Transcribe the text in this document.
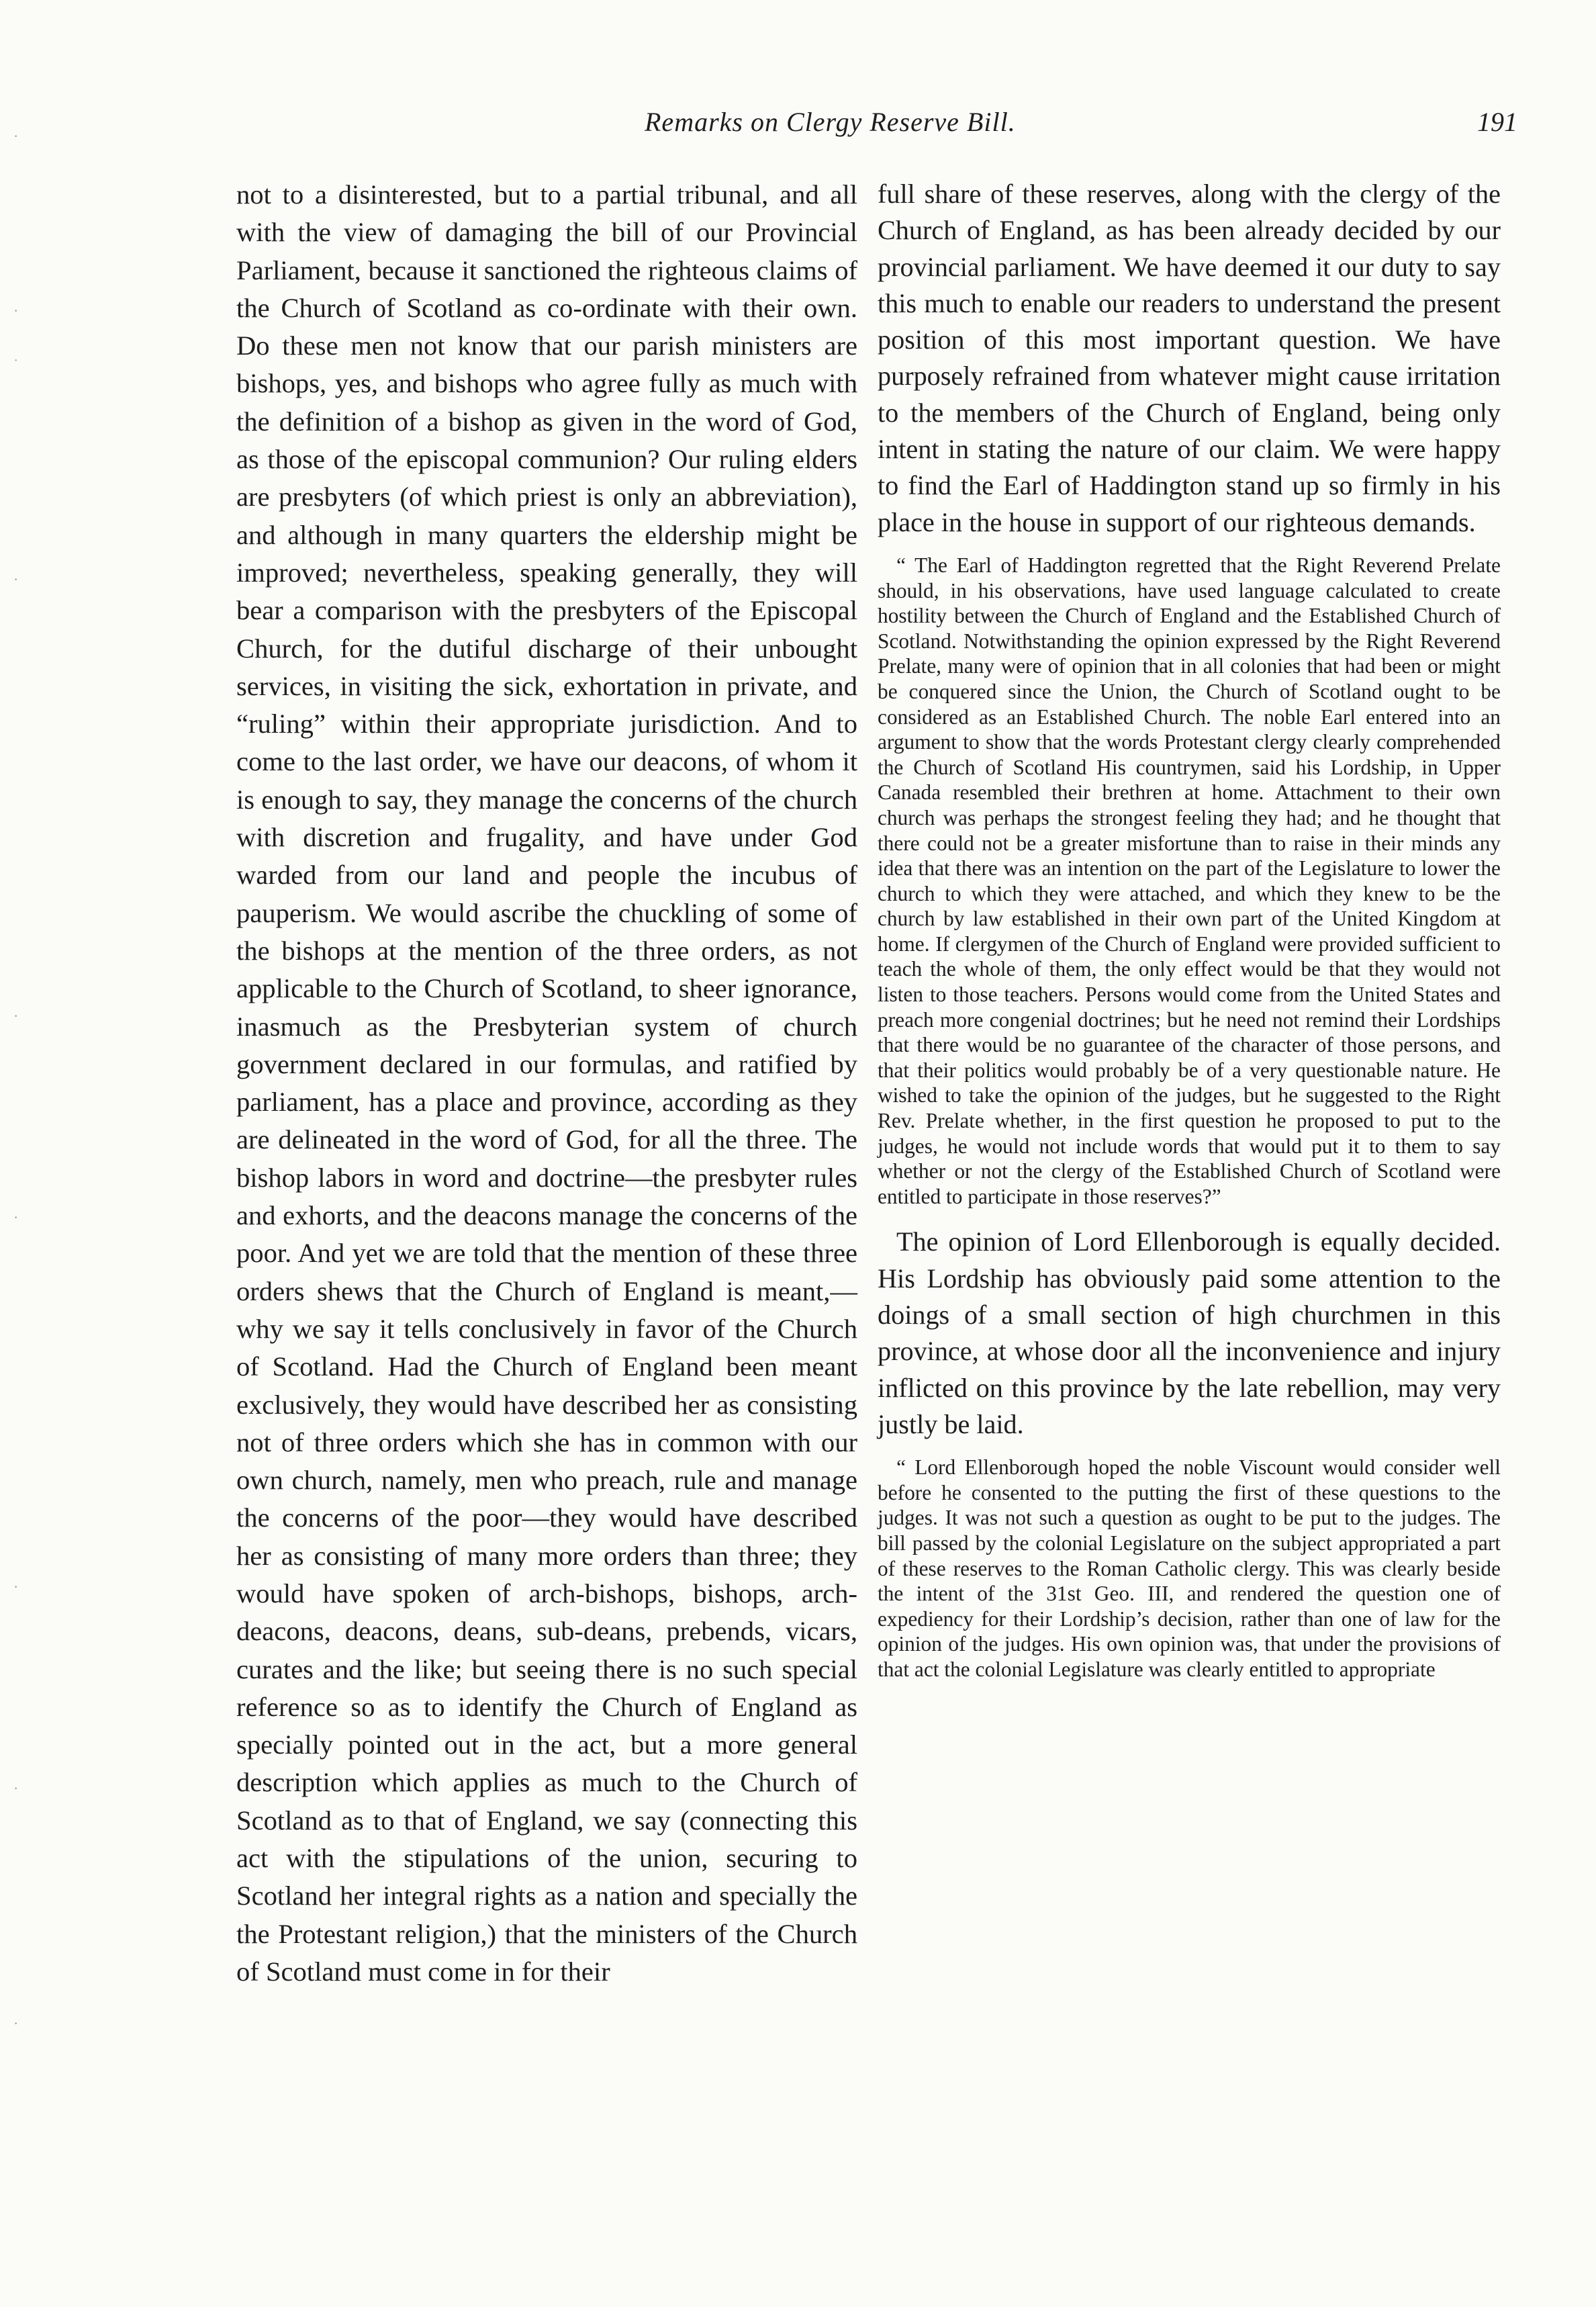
·
·
˙
·
·
·
·
·
·
Remarks on Clergy Reserve Bill.	191

not to a disinterested, but to a partial tribunal, and all with the view of damaging the bill of our Provincial Parliament, because it sanctioned the righteous claims of the Church of Scotland as co-ordinate with their own. Do these men not know that our parish ministers are bishops, yes, and bishops who agree fully as much with the definition of a bishop as given in the word of God, as those of the episcopal communion? Our ruling elders are presbyters (of which priest is only an abbreviation), and although in many quarters the eldership might be improved; nevertheless, speaking generally, they will bear a comparison with the presbyters of the Episcopal Church, for the dutiful discharge of their unbought services, in visiting the sick, exhortation in private, and “ruling” within their appropriate jurisdiction. And to come to the last order, we have our deacons, of whom it is enough to say, they manage the concerns of the church with discretion and frugality, and have under God warded from our land and people the incubus of pauperism. We would ascribe the chuckling of some of the bishops at the mention of the three orders, as not applicable to the Church of Scotland, to sheer ignorance, inasmuch as the Presbyterian system of church government declared in our formulas, and ratified by parliament, has a place and province, according as they are delineated in the word of God, for all the three. The bishop labors in word and doctrine—the presbyter rules and exhorts, and the deacons manage the concerns of the poor. And yet we are told that the mention of these three orders shews that the Church of England is meant,—why we say it tells conclusively in favor of the Church of Scotland. Had the Church of England been meant exclusively, they would have described her as consisting not of three orders which she has in common with our own church, namely, men who preach, rule and manage the concerns of the poor—they would have described her as consisting of many more orders than three; they would have spoken of arch-bishops, bishops, arch-deacons, deacons, deans, sub-deans, prebends, vicars, curates and the like; but seeing there is no such special reference so as to identify the Church of England as specially pointed out in the act, but a more general description which applies as much to the Church of Scotland as to that of England, we say (connecting this act with the stipulations of the union, securing to Scotland her integral rights as a nation and specially the the Protestant religion,) that the ministers of the Church of Scotland must come in for their

full share of these reserves, along with the clergy of the Church of England, as has been already decided by our provincial parliament. We have deemed it our duty to say this much to enable our readers to understand the present position of this most important question. We have purposely refrained from whatever might cause irritation to the members of the Church of England, being only intent in stating the nature of our claim. We were happy to find the Earl of Haddington stand up so firmly in his place in the house in support of our righteous demands.

“ The Earl of Haddington regretted that the Right Reverend Prelate should, in his observations, have used language calculated to create hostility between the Church of England and the Established Church of Scotland. Notwithstanding the opinion expressed by the Right Reverend Prelate, many were of opinion that in all colonies that had been or might be conquered since the Union, the Church of Scotland ought to be considered as an Established Church. The noble Earl entered into an argument to show that the words Protestant clergy clearly comprehended the Church of Scotland His countrymen, said his Lordship, in Upper Canada resembled their brethren at home. Attachment to their own church was perhaps the strongest feeling they had; and he thought that there could not be a greater misfortune than to raise in their minds any idea that there was an intention on the part of the Legislature to lower the church to which they were attached, and which they knew to be the church by law established in their own part of the United Kingdom at home. If clergymen of the Church of England were provided sufficient to teach the whole of them, the only effect would be that they would not listen to those teachers. Persons would come from the United States and preach more congenial doctrines; but he need not remind their Lordships that there would be no guarantee of the character of those persons, and that their politics would probably be of a very questionable nature. He wished to take the opinion of the judges, but he suggested to the Right Rev. Prelate whether, in the first question he proposed to put to the judges, he would not include words that would put it to them to say whether or not the clergy of the Established Church of Scotland were entitled to participate in those reserves?”

The opinion of Lord Ellenborough is equally decided. His Lordship has obviously paid some attention to the doings of a small section of high churchmen in this province, at whose door all the inconvenience and injury inflicted on this province by the late rebellion, may very justly be laid.

“ Lord Ellenborough hoped the noble Viscount would consider well before he consented to the putting the first of these questions to the judges. It was not such a question as ought to be put to the judges. The bill passed by the colonial Legislature on the subject appropriated a part of these reserves to the Roman Catholic clergy. This was clearly beside the intent of the 31st Geo. III, and rendered the question one of expediency for their Lordship’s decision, rather than one of law for the opinion of the judges. His own opinion was, that under the provisions of that act the colonial Legislature was clearly entitled to appropriate
